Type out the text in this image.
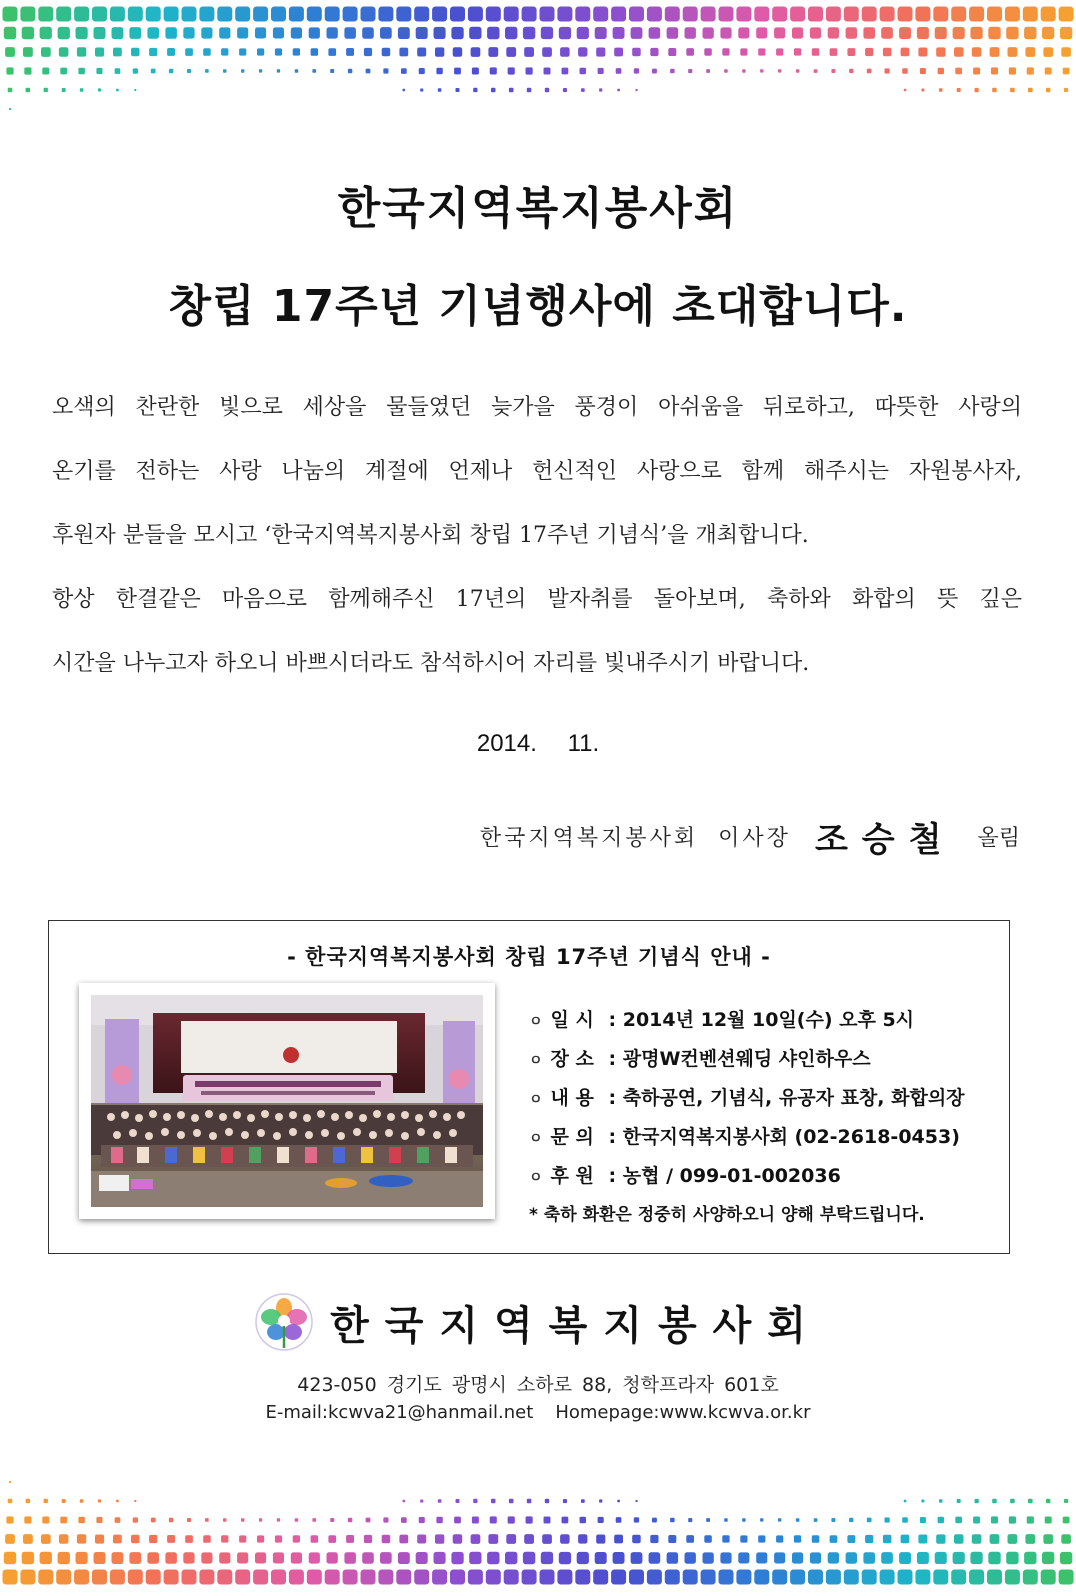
한국지역복지봉사회
창립 17주년 기념행사에 초대합니다.
오색의 찬란한 빛으로 세상을 물들였던 늦가을 풍경이 아쉬움을 뒤로하고, 따뜻한 사랑의
온기를 전하는 사랑 나눔의 계절에 언제나 헌신적인 사랑으로 함께 해주시는 자원봉사자,
후원자 분들을 모시고 ‘한국지역복지봉사회 창립 17주년 기념식’을 개최합니다.
항상 한결같은 마음으로 함께해주신 17년의 발자취를 돌아보며, 축하와 화합의 뜻 깊은
시간을 나누고자 하오니 바쁘시더라도 참석하시어 자리를 빛내주시기 바랍니다.
2014. 11.
한국지역복지봉사회 이사장 조승철 올림
- 한국지역복지봉사회 창립 17주년 기념식 안내 -
ㅇ 일 시 : 2014년 12월 10일(수) 오후 5시
ㅇ 장 소 : 광명W컨벤션웨딩 샤인하우스
ㅇ 내 용 : 축하공연, 기념식, 유공자 표창, 화합의장
ㅇ 문 의 : 한국지역복지봉사회 (02-2618-0453)
ㅇ 후 원 : 농협 / 099-01-002036
* 축하 화환은 정중히 사양하오니 양해 부탁드립니다.
한국지역복지봉사회
423-050 경기도 광명시 소하로 88, 청학프라자 601호
E-mail:kcwva21@hanmail.net Homepage:www.kcwva.or.kr
